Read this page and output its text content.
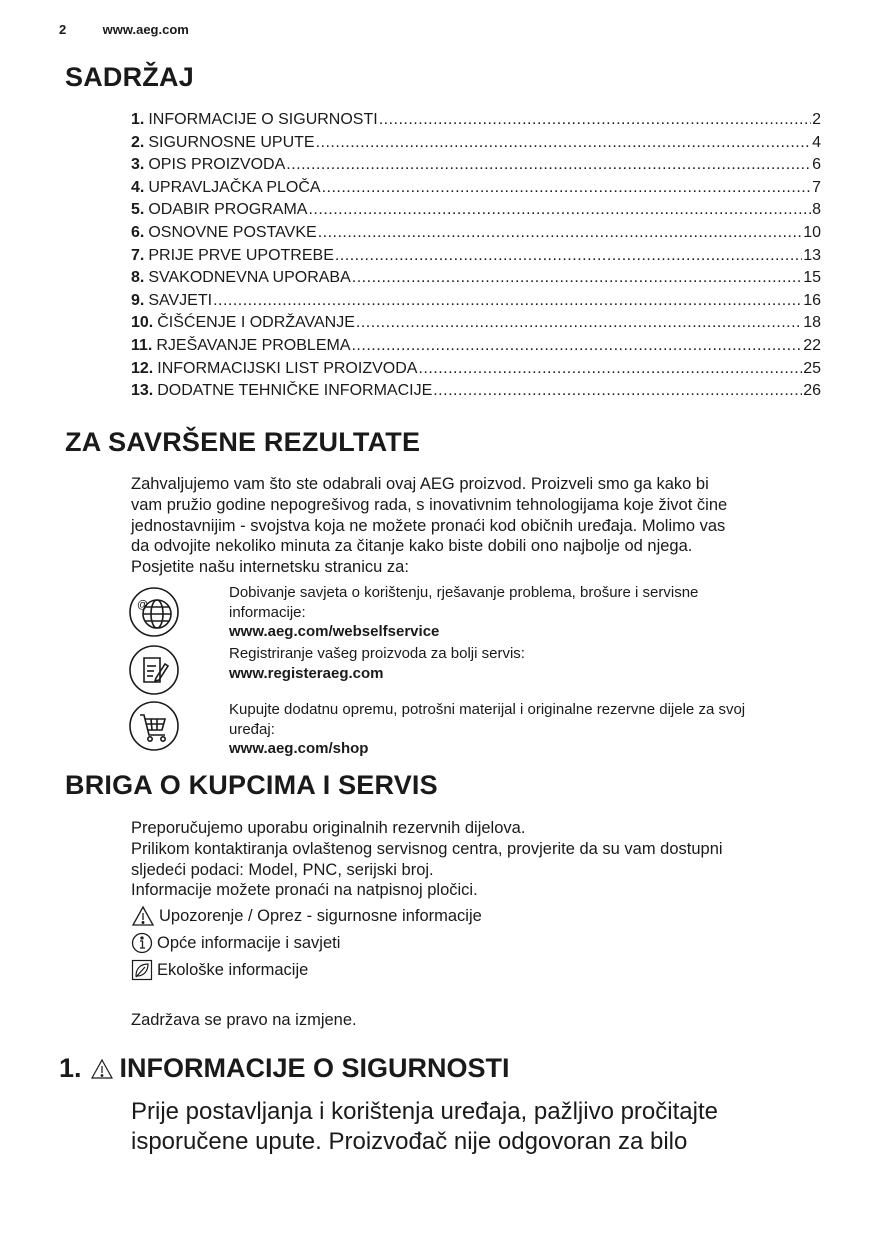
2	www.aeg.com
SADRŽAJ
1. INFORMACIJE O SIGURNOSTI .....	2
2. SIGURNOSNE UPUTE .....	4
3. OPIS PROIZVODA .....	6
4. UPRAVLJAČKA PLOČA .....	7
5. ODABIR PROGRAMA .....	8
6. OSNOVNE POSTAVKE .....	10
7. PRIJE PRVE UPOTREBE .....	13
8. SVAKODNEVNA UPORABA .....	15
9. SAVJETI .....	16
10. ČIŠĆENJE I ODRŽAVANJE .....	18
11. RJEŠAVANJE PROBLEMA .....	22
12. INFORMACIJSKI LIST PROIZVODA .....	25
13. DODATNE TEHNIČKE INFORMACIJE .....	26
ZA SAVRŠENE REZULTATE
Zahvaljujemo vam što ste odabrali ovaj AEG proizvod. Proizveli smo ga kako bi
vam pružio godine nepogrešivog rada, s inovativnim tehnologijama koje život čine
jednostavnijim - svojstva koja ne možete pronaći kod običnih uređaja. Molimo vas
da odvojite nekoliko minuta za čitanje kako biste dobili ono najbolje od njega.
Posjetite našu internetsku stranicu za:
@
Dobivanje savjeta o korištenju, rješavanje problema, brošure i servisne
informacije:
www.aeg.com/webselfservice
Registriranje vašeg proizvoda za bolji servis:
www.registeraeg.com
Kupujte dodatnu opremu, potrošni materijal i originalne rezervne dijele za svoj
uređaj:
www.aeg.com/shop
BRIGA O KUPCIMA I SERVIS
Preporučujemo uporabu originalnih rezervnih dijelova.
Prilikom kontaktiranja ovlaštenog servisnog centra, provjerite da su vam dostupni
sljedeći podaci: Model, PNC, serijski broj.
Informacije možete pronaći na natpisnoj pločici.
Upozorenje / Oprez - sigurnosne informacije
Opće informacije i savjeti
Ekološke informacije
Zadržava se pravo na izmjene.
1. INFORMACIJE O SIGURNOSTI
Prije postavljanja i korištenja uređaja, pažljivo pročitajte
isporučene upute. Proizvođač nije odgovoran za bilo
